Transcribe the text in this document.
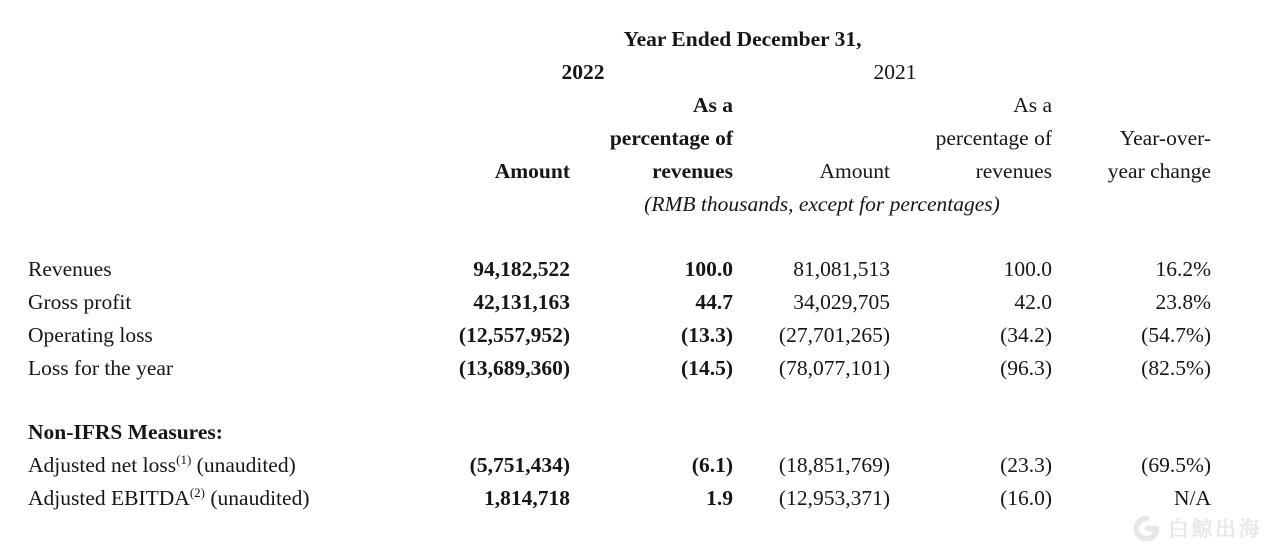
	Year Ended December 31,				
	2022		2021		
		As a		As a	
		percentage of		percentage of	Year-over-
	Amount	revenues	Amount	revenues	year change
	(RMB thousands, except for percentages)				

Revenues	94,182,522	100.0	81,081,513	100.0	16.2%
Gross profit	42,131,163	44.7	34,029,705	42.0	23.8%
Operating loss	(12,557,952)	(13.3)	(27,701,265)	(34.2)	(54.7%)
Loss for the year	(13,689,360)	(14.5)	(78,077,101)	(96.3)	(82.5%)

Non-IFRS Measures:					
Adjusted net loss$^{(1)}$ (unaudited)	(5,751,434)	(6.1)	(18,851,769)	(23.3)	(69.5%)
Adjusted EBITDA$^{(2)}$ (unaudited)	1,814,718	1.9	(12,953,371)	(16.0)	N/A
白鲸出海
